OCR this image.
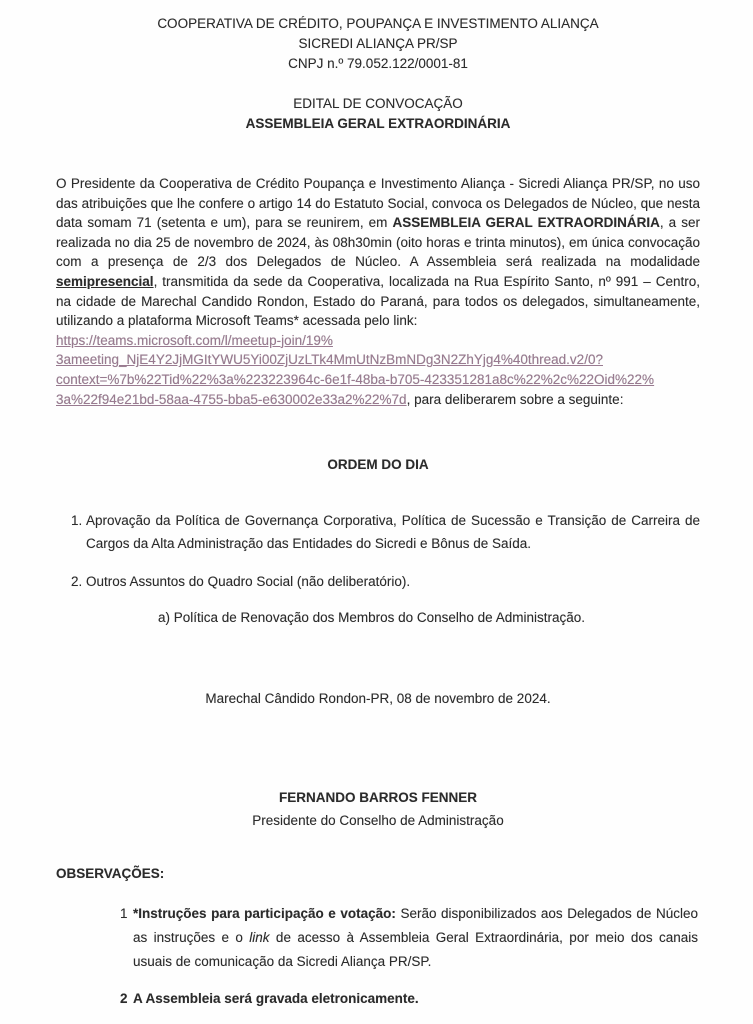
COOPERATIVA DE CRÉDITO, POUPANÇA E INVESTIMENTO ALIANÇA
SICREDI ALIANÇA PR/SP
CNPJ n.º 79.052.122/0001-81
EDITAL DE CONVOCAÇÃO
ASSEMBLEIA GERAL EXTRAORDINÁRIA
O Presidente da Cooperativa de Crédito Poupança e Investimento Aliança - Sicredi Aliança PR/SP, no uso das atribuições que lhe confere o artigo 14 do Estatuto Social, convoca os Delegados de Núcleo, que nesta data somam 71 (setenta e um), para se reunirem, em ASSEMBLEIA GERAL EXTRAORDINÁRIA, a ser realizada no dia 25 de novembro de 2024, às 08h30min (oito horas e trinta minutos), em única convocação com a presença de 2/3 dos Delegados de Núcleo. A Assembleia será realizada na modalidade semipresencial, transmitida da sede da Cooperativa, localizada na Rua Espírito Santo, nº 991 – Centro, na cidade de Marechal Candido Rondon, Estado do Paraná, para todos os delegados, simultaneamente, utilizando a plataforma Microsoft Teams* acessada pelo link:
https://teams.microsoft.com/l/meetup-join/19%
3ameeting_NjE4Y2JjMGItYWU5Yi00ZjUzLTk4MmUtNzBmNDg3N2ZhYjg4%40thread.v2/0?
context=%7b%22Tid%22%3a%223223964c-6e1f-48ba-b705-423351281a8c%22%2c%22Oid%22%
3a%22f94e21bd-58aa-4755-bba5-e630002e33a2%22%7d, para deliberarem sobre a seguinte:
ORDEM DO DIA
1. Aprovação da Política de Governança Corporativa, Política de Sucessão e Transição de Carreira de Cargos da Alta Administração das Entidades do Sicredi e Bônus de Saída.
2. Outros Assuntos do Quadro Social (não deliberatório).
a) Política de Renovação dos Membros do Conselho de Administração.
Marechal Cândido Rondon-PR, 08 de novembro de 2024.
FERNANDO BARROS FENNER
Presidente do Conselho de Administração
OBSERVAÇÕES:
1 *Instruções para participação e votação: Serão disponibilizados aos Delegados de Núcleo as instruções e o link de acesso à Assembleia Geral Extraordinária, por meio dos canais usuais de comunicação da Sicredi Aliança PR/SP.
2 A Assembleia será gravada eletronicamente.
